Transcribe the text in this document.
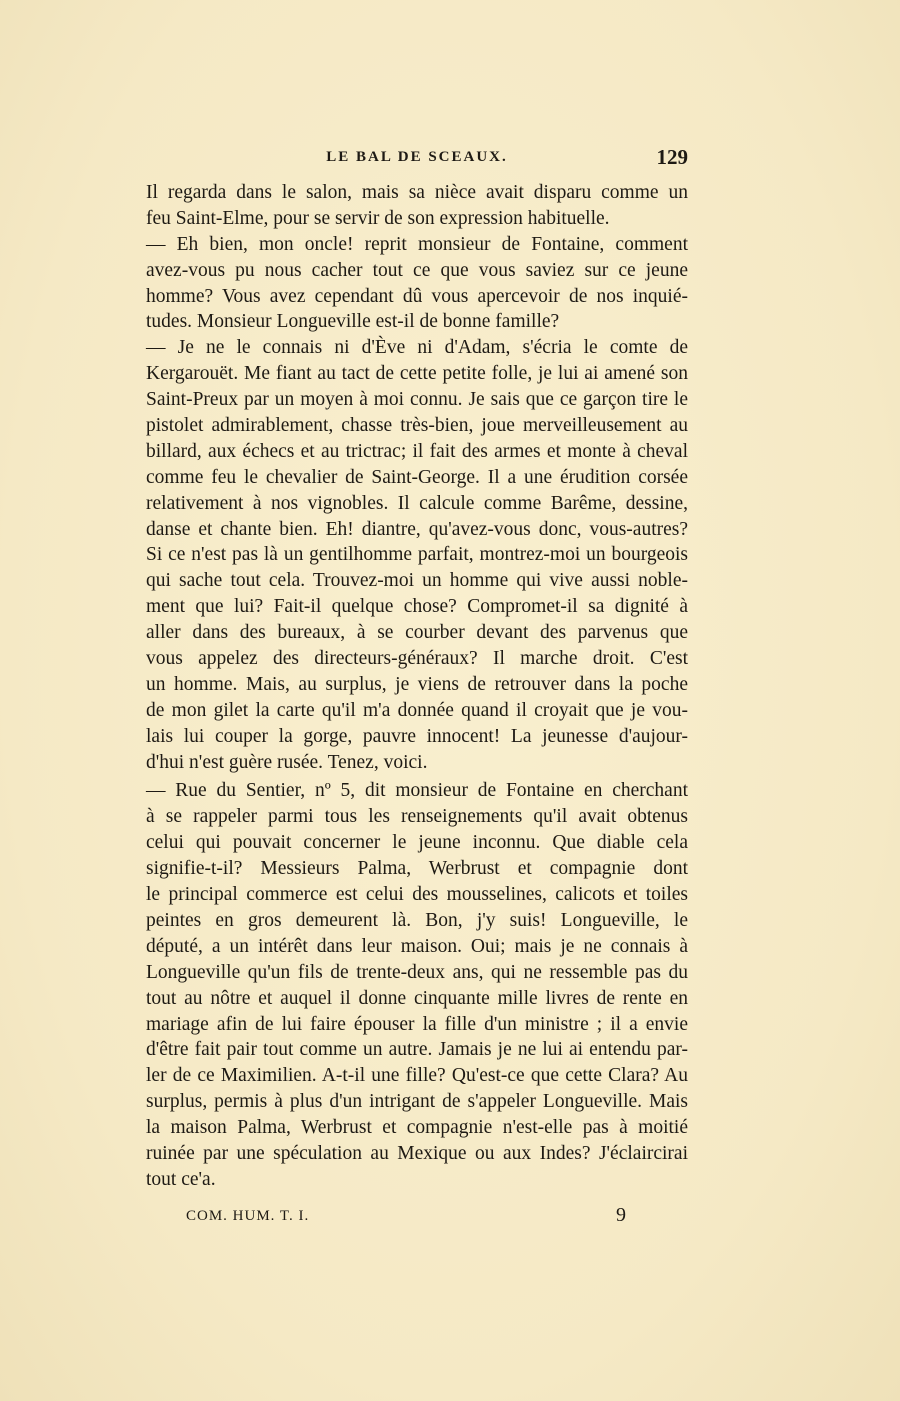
LE BAL DE SCEAUX.	129
Il regarda dans le salon, mais sa nièce avait disparu comme un
feu Saint-Elme, pour se servir de son expression habituelle.
— Eh bien, mon oncle! reprit monsieur de Fontaine, comment
avez-vous pu nous cacher tout ce que vous saviez sur ce jeune
homme? Vous avez cependant dû vous apercevoir de nos inquié-
tudes. Monsieur Longueville est-il de bonne famille?
— Je ne le connais ni d'Ève ni d'Adam, s'écria le comte de
Kergarouët. Me fiant au tact de cette petite folle, je lui ai amené son
Saint-Preux par un moyen à moi connu. Je sais que ce garçon tire le
pistolet admirablement, chasse très-bien, joue merveilleusement au
billard, aux échecs et au trictrac; il fait des armes et monte à cheval
comme feu le chevalier de Saint-George. Il a une érudition corsée
relativement à nos vignobles. Il calcule comme Barême, dessine,
danse et chante bien. Eh! diantre, qu'avez-vous donc, vous-autres?
Si ce n'est pas là un gentilhomme parfait, montrez-moi un bourgeois
qui sache tout cela. Trouvez-moi un homme qui vive aussi noble-
ment que lui? Fait-il quelque chose? Compromet-il sa dignité à
aller dans des bureaux, à se courber devant des parvenus que
vous appelez des directeurs-généraux? Il marche droit. C'est
un homme. Mais, au surplus, je viens de retrouver dans la poche
de mon gilet la carte qu'il m'a donnée quand il croyait que je vou-
lais lui couper la gorge, pauvre innocent! La jeunesse d'aujour-
d'hui n'est guère rusée. Tenez, voici.
— Rue du Sentier, nº 5, dit monsieur de Fontaine en cherchant
à se rappeler parmi tous les renseignements qu'il avait obtenus
celui qui pouvait concerner le jeune inconnu. Que diable cela
signifie-t-il? Messieurs Palma, Werbrust et compagnie dont
le principal commerce est celui des mousselines, calicots et toiles
peintes en gros demeurent là. Bon, j'y suis! Longueville, le
député, a un intérêt dans leur maison. Oui; mais je ne connais à
Longueville qu'un fils de trente-deux ans, qui ne ressemble pas du
tout au nôtre et auquel il donne cinquante mille livres de rente en
mariage afin de lui faire épouser la fille d'un ministre ; il a envie
d'être fait pair tout comme un autre. Jamais je ne lui ai entendu par-
ler de ce Maximilien. A-t-il une fille? Qu'est-ce que cette Clara? Au
surplus, permis à plus d'un intrigant de s'appeler Longueville. Mais
la maison Palma, Werbrust et compagnie n'est-elle pas à moitié
ruinée par une spéculation au Mexique ou aux Indes? J'éclaircirai
tout ce'a.
COM. HUM. T. I.	9
